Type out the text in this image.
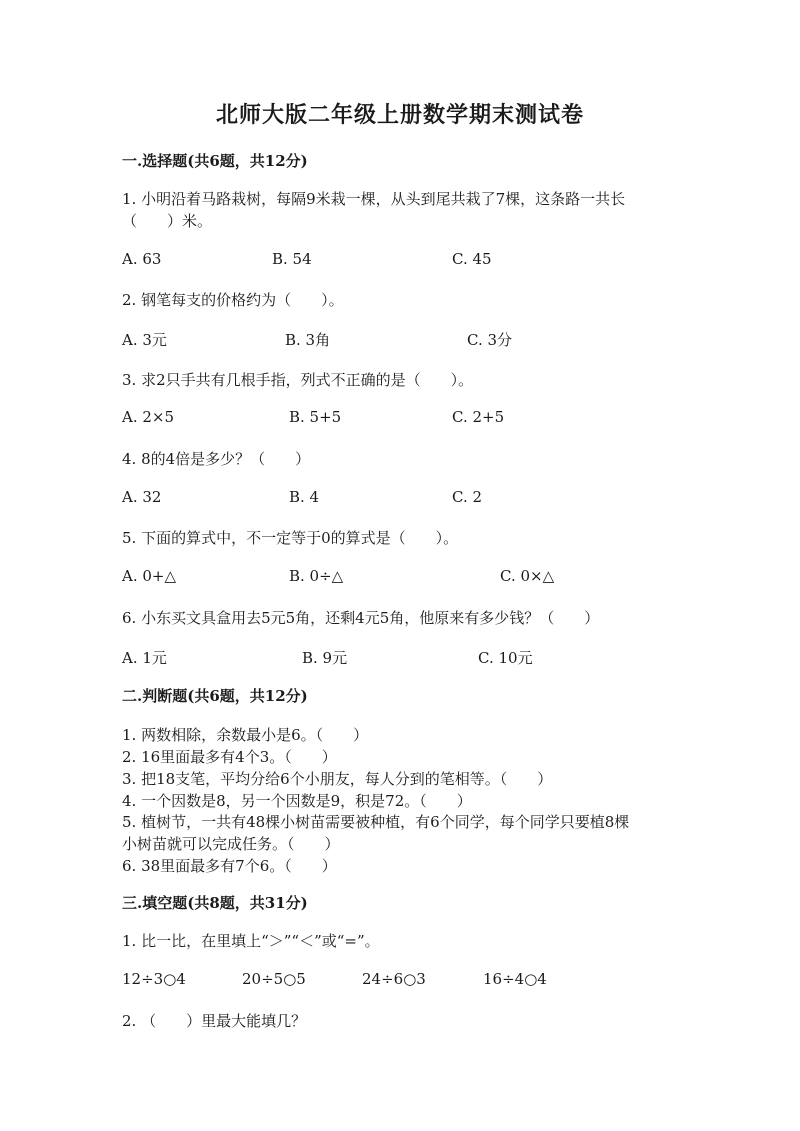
北师大版二年级上册数学期末测试卷
一.选择题(共6题，共12分)
1. 小明沿着马路栽树，每隔9米栽一棵，从头到尾共栽了7棵，这条路一共长
（　　）米。
A. 63	B. 54	C. 45
2. 钢笔每支的价格约为（　　）。
A. 3元	B. 3角	C. 3分
3. 求2只手共有几根手指，列式不正确的是（　　）。
A. 2×5	B. 5+5	C. 2+5
4. 8的4倍是多少？（　　）
A. 32	B. 4	C. 2
5. 下面的算式中，不一定等于0的算式是（　　）。
A. 0+△	B. 0÷△	C. 0×△
6. 小东买文具盒用去5元5角，还剩4元5角，他原来有多少钱？（　　）
A. 1元	B. 9元	C. 10元
二.判断题(共6题，共12分)
1. 两数相除，余数最小是6。（　　）
2. 16里面最多有4个3。（　　）
3. 把18支笔，平均分给6个小朋友，每人分到的笔相等。（　　）
4. 一个因数是8，另一个因数是9，积是72。（　　）
5. 植树节，一共有48棵小树苗需要被种植，有6个同学，每个同学只要植8棵
小树苗就可以完成任务。（　　）
6. 38里面最多有7个6。（　　）
三.填空题(共8题，共31分)
1. 比一比，在里填上“＞”“＜”或“=”。
12÷3○4	20÷5○5	24÷6○3	16÷4○4
2. （　　）里最大能填几？
